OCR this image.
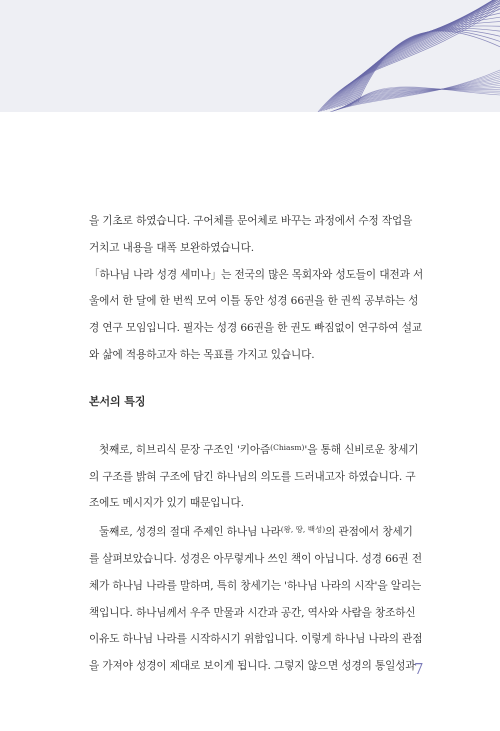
을 기초로 하였습니다. 구어체를 문어체로 바꾸는 과정에서 수정 작업을
거치고 내용을 대폭 보완하였습니다.

「하나님 나라 성경 세미나」는 전국의 많은 목회자와 성도들이 대전과 서
울에서 한 달에 한 번씩 모여 이틀 동안 성경 66권을 한 권씩 공부하는 성
경 연구 모임입니다. 필자는 성경 66권을 한 권도 빠짐없이 연구하여 설교
와 삶에 적용하고자 하는 목표를 가지고 있습니다.

본서의 특징

첫째로, 히브리식 문장 구조인 '키아즘$^{(Chiasm)}$'을 통해 신비로운 창세기
의 구조를 밝혀 구조에 담긴 하나님의 의도를 드러내고자 하였습니다. 구
조에도 메시지가 있기 때문입니다.

둘째로, 성경의 절대 주제인 하나님 나라$^{(왕, 땅, 백성)}$의 관점에서 창세기
를 살펴보았습니다. 성경은 아무렇게나 쓰인 책이 아닙니다. 성경 66권 전
체가 하나님 나라를 말하며, 특히 창세기는 '하나님 나라의 시작'을 알리는
책입니다. 하나님께서 우주 만물과 시간과 공간, 역사와 사람을 창조하신
이유도 하나님 나라를 시작하시기 위함입니다. 이렇게 하나님 나라의 관점
을 가져야 성경이 제대로 보이게 됩니다. 그렇지 않으면 성경의 통일성과

7
